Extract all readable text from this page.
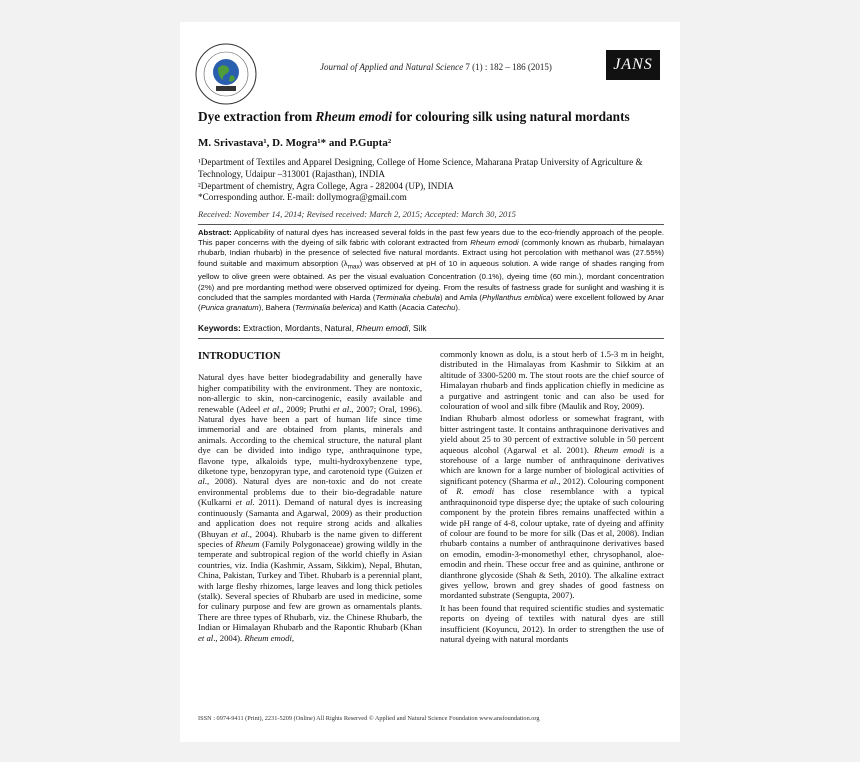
Journal of Applied and Natural Science 7 (1) : 182 – 186 (2015)	JANS
Dye extraction from Rheum emodi for colouring silk using natural mordants
M. Srivastava¹, D. Mogra¹* and P.Gupta²
¹Department of Textiles and Apparel Designing, College of Home Science, Maharana Pratap University of Agriculture & Technology, Udaipur –313001 (Rajasthan), INDIA
²Department of chemistry, Agra College, Agra - 282004 (UP), INDIA
*Corresponding author. E-mail: dollymogra@gmail.com
Received: November 14, 2014; Revised received: March 2, 2015; Accepted: March 30, 2015
Abstract: Applicability of natural dyes has increased several folds in the past few years due to the eco-friendly approach of the people. This paper concerns with the dyeing of silk fabric with colorant extracted from Rheum emodi (commonly known as rhubarb, himalayan rhubarb, Indian rhubarb) in the presence of selected five natural mordants. Extract using hot percolation with methanol was (27.55%) found suitable and maximum absorption $(\lambda_{max})$ was observed at pH of 10 in aqueous solution. A wide range of shades ranging from yellow to olive green were obtained. As per the visual evaluation Concentration (0.1%), dyeing time (60 min.), mordant concentration (2%) and pre mordanting method were observed optimized for dyeing. From the results of fastness grade for sunlight and washing it is concluded that the samples mordanted with Harda (Terminalia chebula) and Amla (Phyllanthus emblica) were excellent followed by Anar (Punica granatum), Bahera (Terminalia belerica) and Katth (Acacia Catechu).
Keywords: Extraction, Mordants, Natural, Rheum emodi, Silk
INTRODUCTION

Natural dyes have better biodegradability and generally have higher compatibility with the environment. They are nontoxic, non-allergic to skin, non-carcinogenic, easily available and renewable (Adeel et al., 2009; Pruthi et al., 2007; Oral, 1996). Natural dyes have been a part of human life since time immemorial and are obtained from plants, minerals and animals. According to the chemical structure, the natural plant dye can be divided into indigo type, anthraquinone type, flavone type, alkaloids type, multi-hydroxybenzene type, diketone type, benzopyran type, and carotenoid type (Guizen et al., 2008). Natural dyes are non-toxic and do not create environmental problems due to their bio-degradable nature (Kulkarni et al. 2011). Demand of natural dyes is increasing continuously (Samanta and Agarwal, 2009) as their production and application does not require strong acids and alkalies (Bhuyan et al., 2004). Rhubarb is the name given to different species of Rheum (Family Polygonaceae) growing wildly in the temperate and subtropical region of the world chiefly in Asian countries, viz. India (Kashmir, Assam, Sikkim), Nepal, Bhutan, China, Pakistan, Turkey and Tibet. Rhubarb is a perennial plant, with large fleshy rhizomes, large leaves and long thick petioles (stalk). Several species of Rhubarb are used in medicine, some for culinary purpose and few are grown as ornamentals plants. There are three types of Rhubarb, viz. the Chinese Rhubarb, the Indian or Himalayan Rhubarb and the Rapontic Rhubarb (Khan et al., 2004). Rheum emodi,

commonly known as dolu, is a stout herb of 1.5-3 m in height, distributed in the Himalayas from Kashmir to Sikkim at an altitude of 3300-5200 m. The stout roots are the chief source of Himalayan rhubarb and finds application chiefly in medicine as a purgative and astringent tonic and can also be used for colouration of wool and silk fibre (Maulik and Roy, 2009).

Indian Rhubarb almost odorless or somewhat fragrant, with bitter astringent taste. It contains anthraquinone derivatives and yield about 25 to 30 percent of extractive soluble in 50 percent aqueous alcohol (Agarwal et al. 2001). Rheum emodi is a storehouse of a large number of anthraquinone derivatives which are known for a large number of biological activities of significant potency (Sharma et al., 2012). Colouring component of R. emodi has close resemblance with a typical anthraquinonoid type disperse dye; the uptake of such colouring component by the protein fibres remains unaffected within a wide pH range of 4-8, colour uptake, rate of dyeing and affinity of colour are found to be more for silk (Das et al, 2008). Indian rhubarb contains a number of anthraquinone derivatives based on emodin, emodin-3-monomethyl ether, chrysophanol, aloe-emodin and rhein. These occur free and as quinine, anthrone or dianthrone glycoside (Shah & Seth, 2010). The alkaline extract gives yellow, brown and grey shades of good fastness on mordanted substrate (Sengupta, 2007).

It has been found that required scientific studies and systematic reports on dyeing of textiles with natural dyes are still insufficient (Koyuncu, 2012). In order to strengthen the use of natural dyeing with natural mordants

ISSN : 0974-9411 (Print), 2231-5209 (Online) All Rights Reserved © Applied and Natural Science Foundation www.ansfoundation.org
